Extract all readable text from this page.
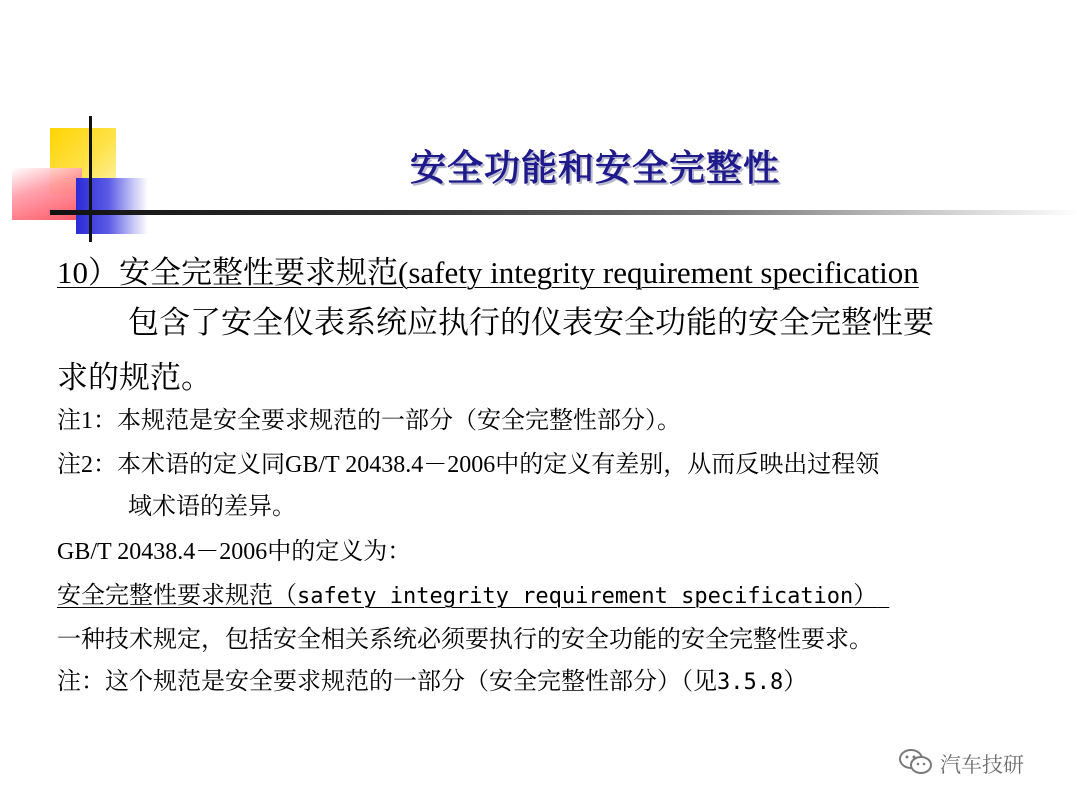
安全功能和安全完整性
10）安全完整性要求规范(safety integrity requirement specification
包含了安全仪表系统应执行的仪表安全功能的安全完整性要
求的规范。
注1：本规范是安全要求规范的一部分（安全完整性部分）。
注2：本术语的定义同GB/T 20438.4－2006中的定义有差别，从而反映出过程领
域术语的差异。
GB/T 20438.4－2006中的定义为：
安全完整性要求规范（safety integrity requirement specification）
一种技术规定，包括安全相关系统必须要执行的安全功能的安全完整性要求。
注：这个规范是安全要求规范的一部分（安全完整性部分）（见3.5.8）
汽车技研
